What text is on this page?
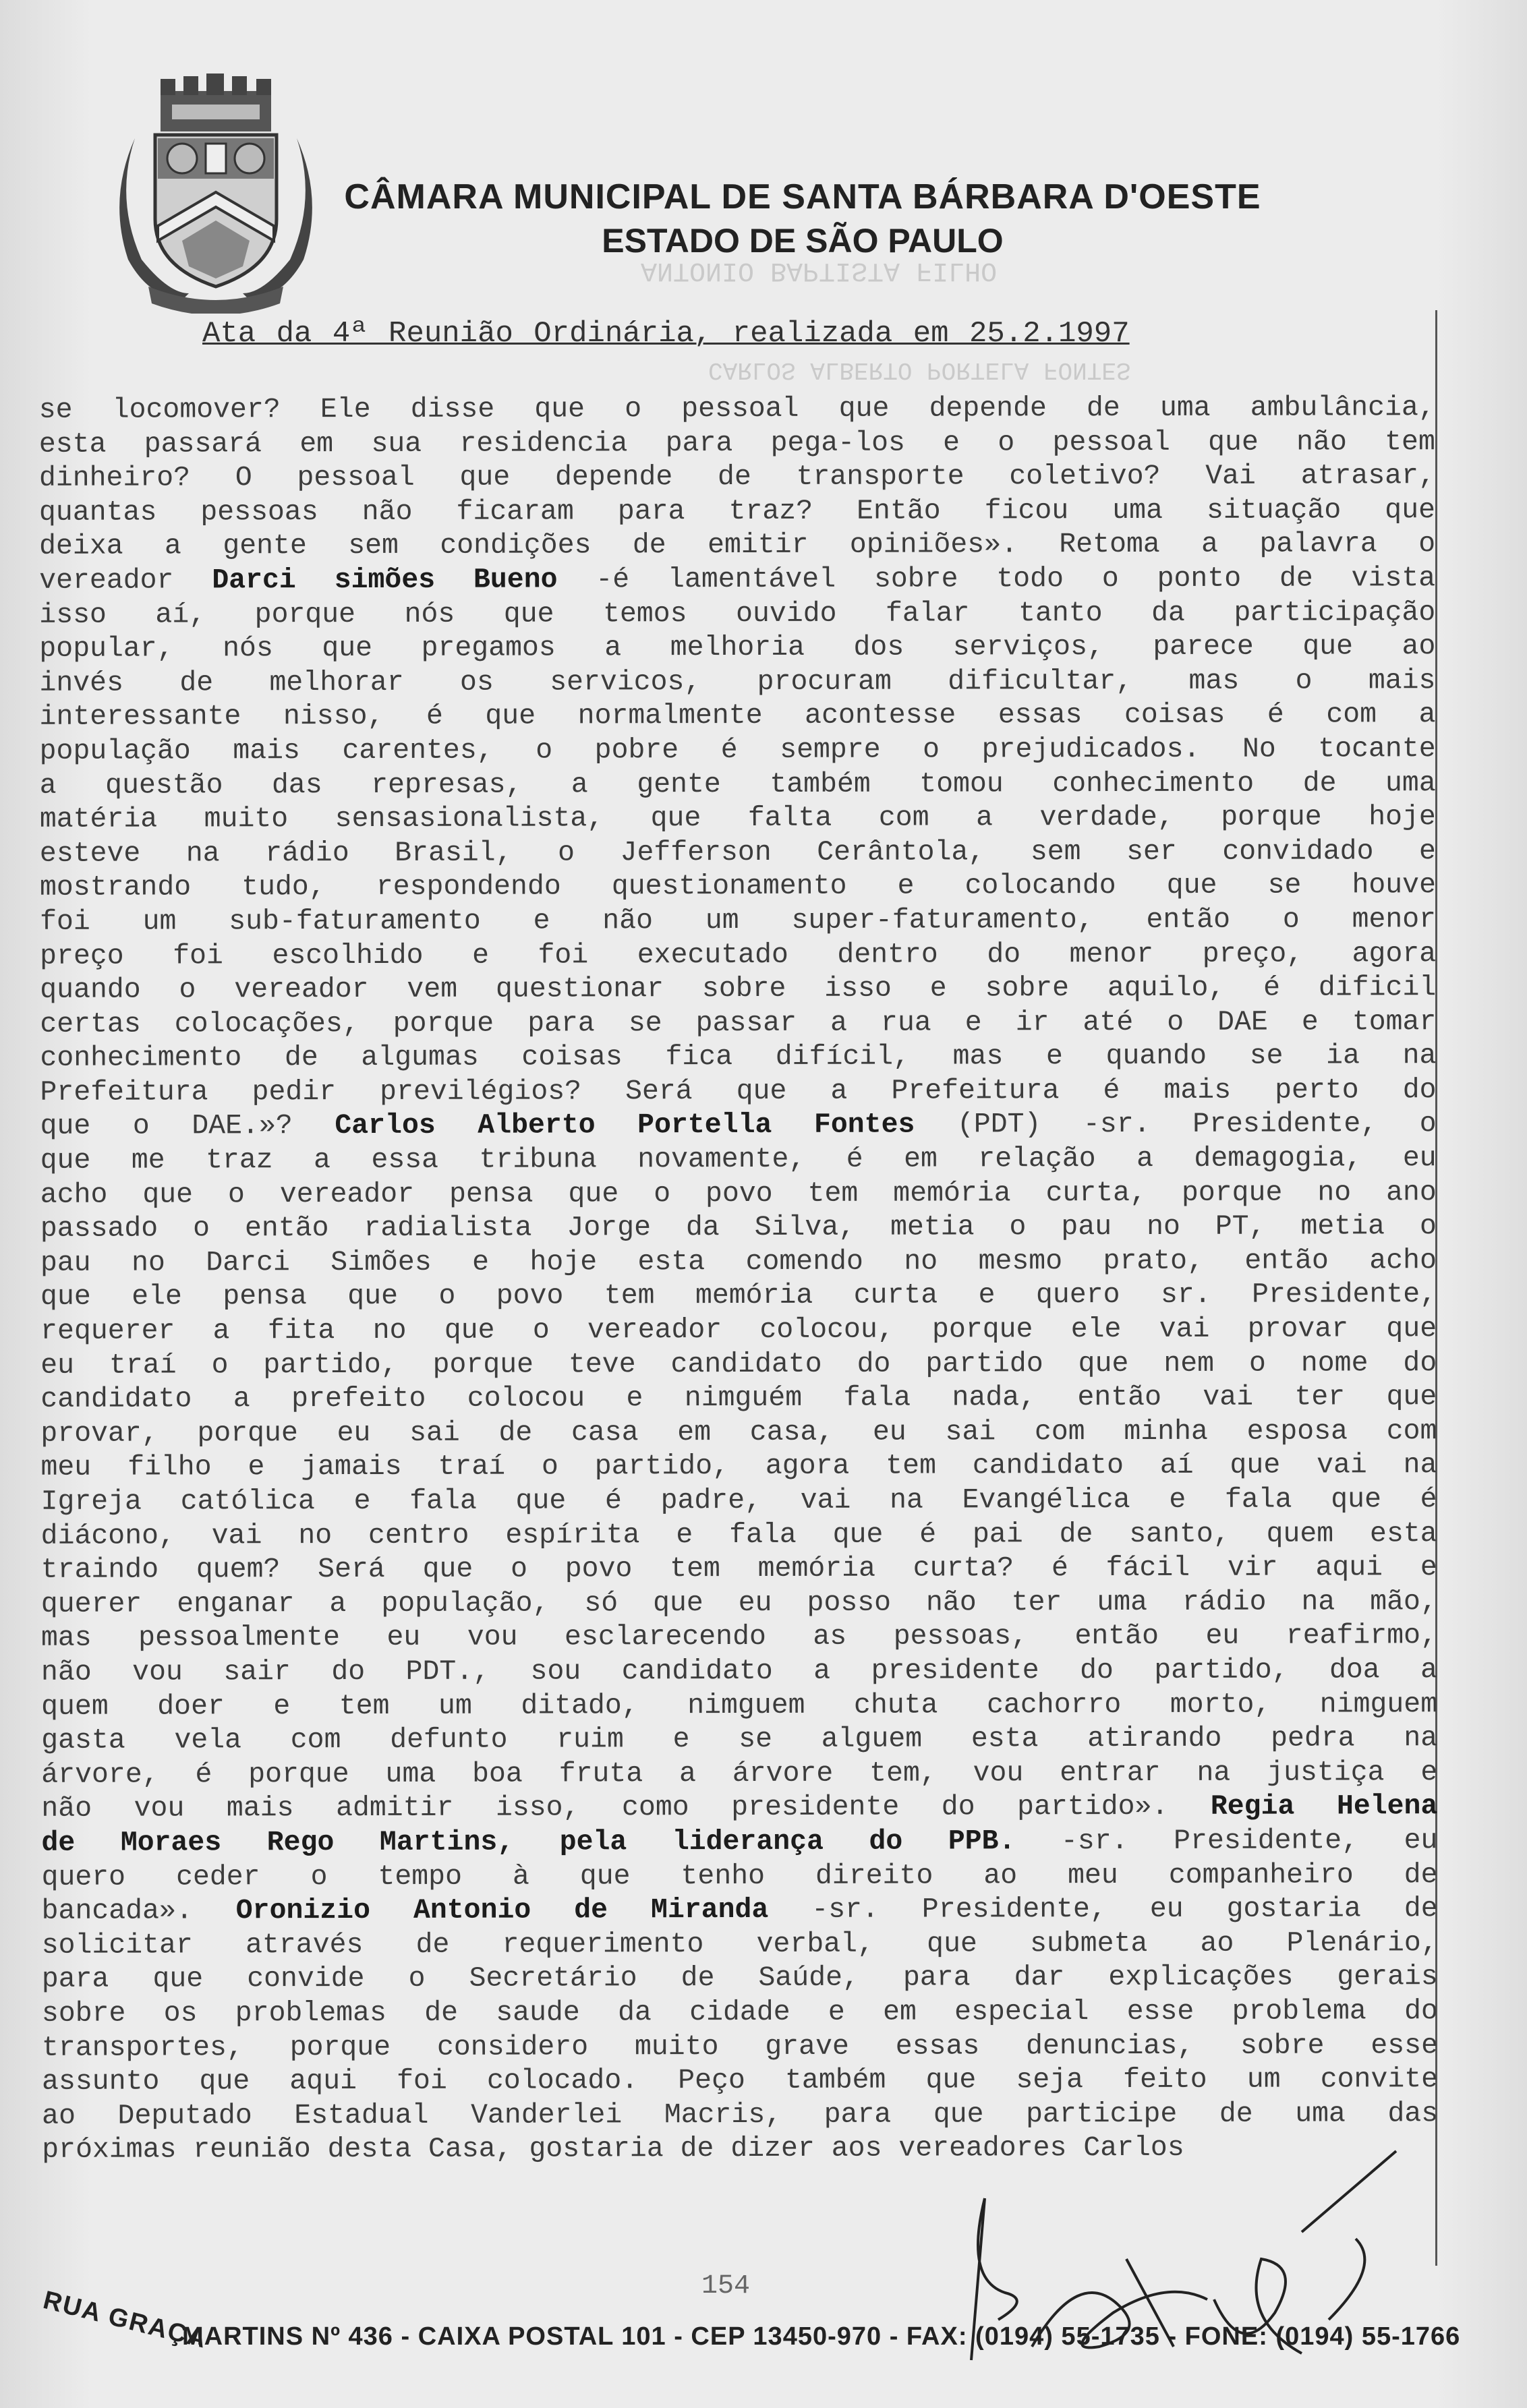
CÂMARA MUNICIPAL DE SANTA BÁRBARA D'OESTE
ESTADO DE SÃO PAULO
ANTONIO BAPTISTA FILHO
CARLOS ALBERTO PORTELA FONTES
Ata da 4ª Reunião Ordinária, realizada em 25.2.1997
se locomover? Ele disse que o pessoal que depende de uma ambulância,
esta passará em sua residencia para pega-los e o pessoal que não tem
dinheiro? O pessoal que depende de transporte coletivo? Vai atrasar,
quantas pessoas não ficaram para traz? Então ficou uma situação que
deixa a gente sem condições de emitir opiniões». Retoma a palavra o
vereador Darci simões Bueno -é lamentável sobre todo o ponto de vista
isso aí, porque nós que temos ouvido falar tanto da participação
popular, nós que pregamos a melhoria dos serviços, parece que ao
invés de melhorar os servicos, procuram dificultar, mas o mais
interessante nisso, é que normalmente acontesse essas coisas é com a
população mais carentes, o pobre é sempre o prejudicados. No tocante
a questão das represas, a gente também tomou conhecimento de uma
matéria muito sensasionalista, que falta com a verdade, porque hoje
esteve na rádio Brasil, o Jefferson Cerântola, sem ser convidado e
mostrando tudo, respondendo questionamento e colocando que se houve
foi um sub-faturamento e não um super-faturamento, então o menor
preço foi escolhido e foi executado dentro do menor preço, agora
quando o vereador vem questionar sobre isso e sobre aquilo, é dificil
certas colocações, porque para se passar a rua e ir até o DAE e tomar
conhecimento de algumas coisas fica difícil, mas e quando se ia na
Prefeitura pedir previlégios? Será que a Prefeitura é mais perto do
que o DAE.»? Carlos Alberto Portella Fontes (PDT) -sr. Presidente, o
que me traz a essa tribuna novamente, é em relação a demagogia, eu
acho que o vereador pensa que o povo tem memória curta, porque no ano
passado o então radialista Jorge da Silva, metia o pau no PT, metia o
pau no Darci Simões e hoje esta comendo no mesmo prato, então acho
que ele pensa que o povo tem memória curta e quero sr. Presidente,
requerer a fita no que o vereador colocou, porque ele vai provar que
eu traí o partido, porque teve candidato do partido que nem o nome do
candidato a prefeito colocou e nimguém fala nada, então vai ter que
provar, porque eu sai de casa em casa, eu sai com minha esposa com
meu filho e jamais traí o partido, agora tem candidato aí que vai na
Igreja católica e fala que é padre, vai na Evangélica e fala que é
diácono, vai no centro espírita e fala que é pai de santo, quem esta
traindo quem? Será que o povo tem memória curta? é fácil vir aqui e
querer enganar a população, só que eu posso não ter uma rádio na mão,
mas pessoalmente eu vou esclarecendo as pessoas, então eu reafirmo,
não vou sair do PDT., sou candidato a presidente do partido, doa a
quem doer e tem um ditado, nimguem chuta cachorro morto, nimguem
gasta vela com defunto ruim e se alguem esta atirando pedra na
árvore, é porque uma boa fruta a árvore tem, vou entrar na justiça e
não vou mais admitir isso, como presidente do partido». Regia Helena
de Moraes Rego Martins, pela liderança do PPB. -sr. Presidente, eu
quero ceder o tempo à que tenho direito ao meu companheiro de
bancada». Oronizio Antonio de Miranda -sr. Presidente, eu gostaria de
solicitar através de requerimento verbal, que submeta ao Plenário,
para que convide o Secretário de Saúde, para dar explicações gerais
sobre os problemas de saude da cidade e em especial esse problema do
transportes, porque considero muito grave essas denuncias, sobre esse
assunto que aqui foi colocado. Peço também que seja feito um convite
ao Deputado Estadual Vanderlei Macris, para que participe de uma das
próximas reunião desta Casa, gostaria de dizer aos vereadores Carlos
154
RUA GRAÇA
MARTINS Nº 436 - CAIXA POSTAL 101 - CEP 13450-970 - FAX: (0194) 55-1735 - FONE: (0194) 55-1766
